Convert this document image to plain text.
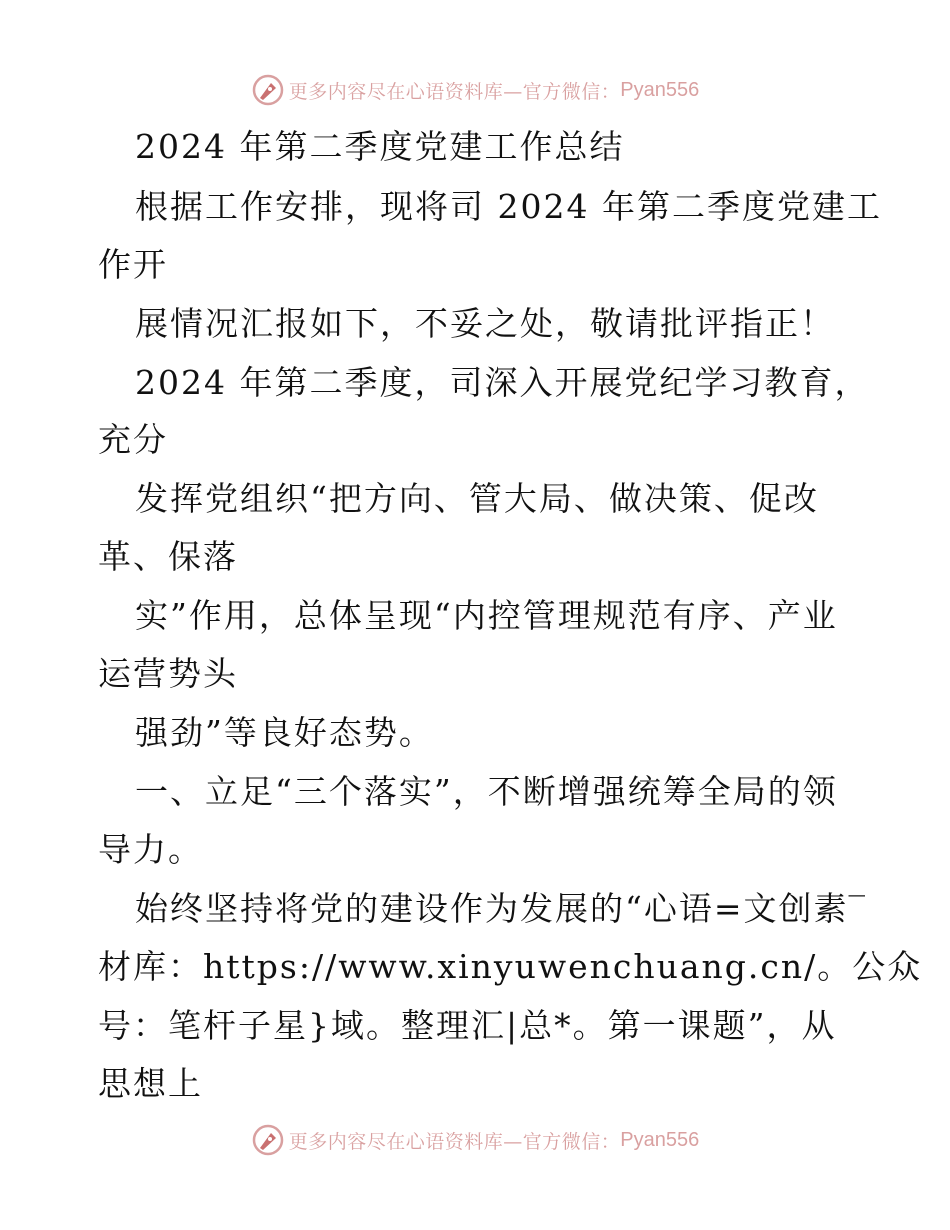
更多内容尽在心语资料库—官方微信： Pyan556
2024 年第二季度党建工作总结
根据工作安排，现将司 2024 年第二季度党建工
作开
展情况汇报如下，不妥之处，敬请批评指正！
2024 年第二季度，司深入开展党纪学习教育，
充分
发挥党组织“把方向、管大局、做决策、促改
革、保落
实”作用，总体呈现“内控管理规范有序、产业
运营势头
强劲”等良好态势。
一、立足“三个落实”，不断增强统筹全局的领
导力。
始终坚持将党的建设作为发展的“心语=文创素‾
材库：https://www.xinyuwenchuang.cn/。公众
号：笔杆子星}域。整理汇|总*。第一课题”，从
思想上
更多内容尽在心语资料库—官方微信： Pyan556
